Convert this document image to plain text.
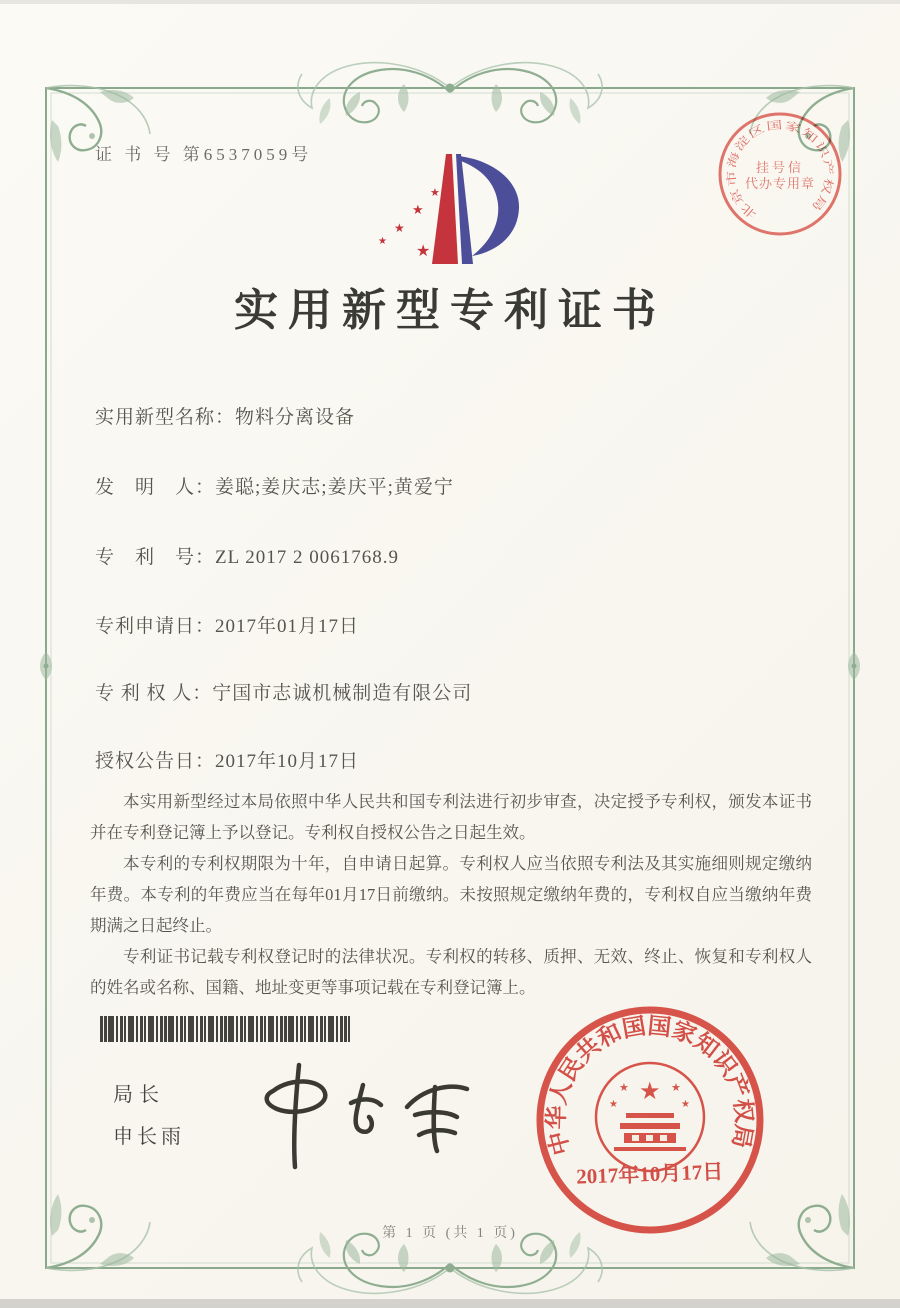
证 书 号 第6537059号
★
★
★
★ ★
北京市海淀区国家知识产权局
挂号信
代办专用章
实用新型专利证书
实用新型名称：物料分离设备
发　明　人：姜聪;姜庆志;姜庆平;黄爱宁
专　利　号：ZL 2017 2 0061768.9
专利申请日：2017年01月17日
专 利 权 人：宁国市志诚机械制造有限公司
授权公告日：2017年10月17日

本实用新型经过本局依照中华人民共和国专利法进行初步审查，决定授予专利权，颁发本证书并在专利登记簿上予以登记。专利权自授权公告之日起生效。

本专利的专利权期限为十年，自申请日起算。专利权人应当依照专利法及其实施细则规定缴纳年费。本专利的年费应当在每年01月17日前缴纳。未按照规定缴纳年费的，专利权自应当缴纳年费期满之日起终止。

专利证书记载专利权登记时的法律状况。专利权的转移、质押、无效、终止、恢复和专利权人的姓名或名称、国籍、地址变更等事项记载在专利登记簿上。

局长
申长雨	中华人民共和国国家知识产权局
★
★	★
★	★
2017年10月17日
第 1 页 (共 1 页)
